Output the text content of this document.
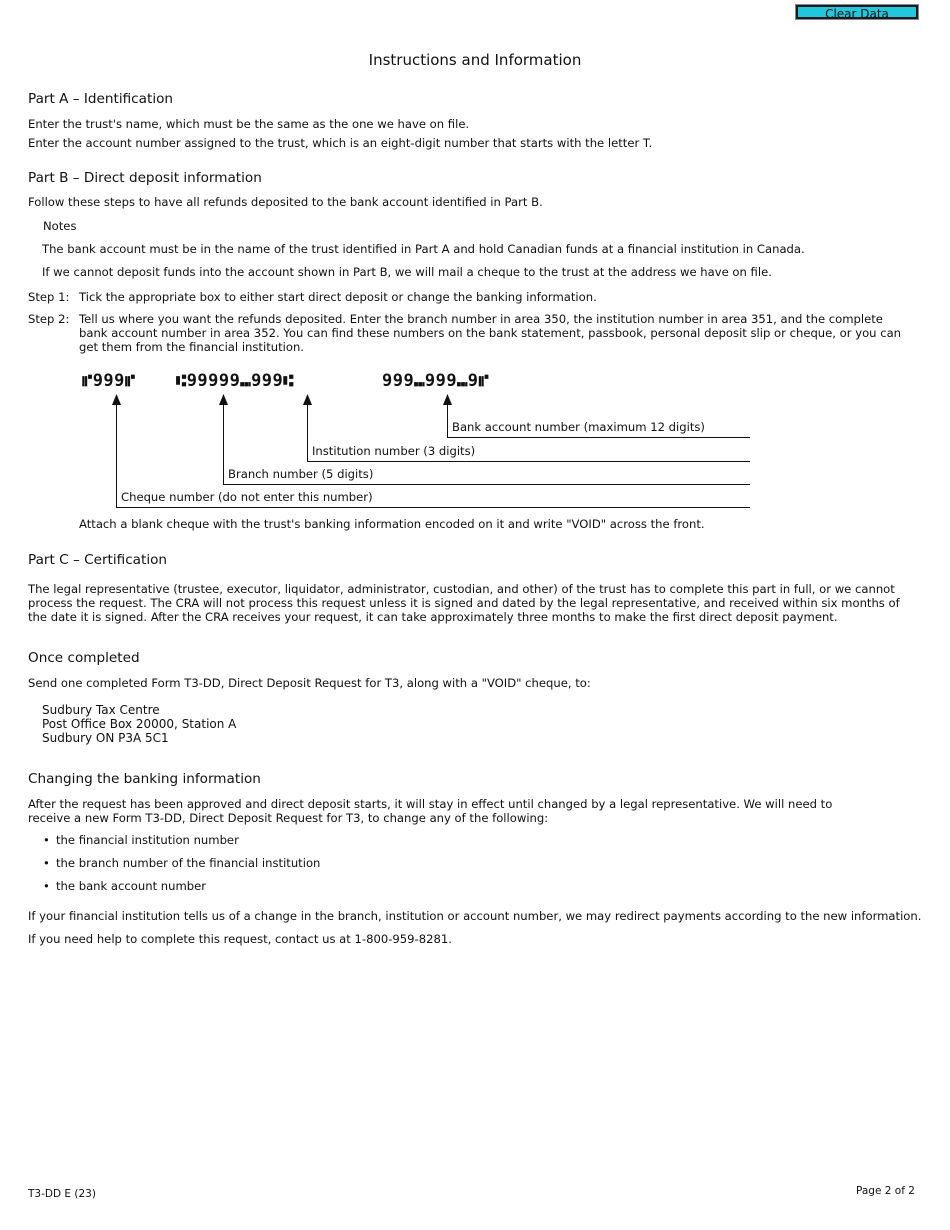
Clear Data
Instructions and Information
Part A – Identification
Enter the trust's name, which must be the same as the one we have on file.
Enter the account number assigned to the trust, which is an eight-digit number that starts with the letter T.
Part B – Direct deposit information
Follow these steps to have all refunds deposited to the bank account identified in Part B.
Notes
The bank account must be in the name of the trust identified in Part A and hold Canadian funds at a financial institution in Canada.
If we cannot deposit funds into the account shown in Part B, we will mail a cheque to the trust at the address we have on file.
Step 1: Tick the appropriate box to either start direct deposit or change the banking information.
Step 2: Tell us where you want the refunds deposited. Enter the branch number in area 350, the institution number in area 351, and the complete bank account number in area 352. You can find these numbers on the bank statement, passbook, personal deposit slip or cheque, or you can get them from the financial institution.
⑈999⑈ ⑆99999⑉999⑆	999⑉999⑉9⑈
Bank account number (maximum 12 digits)
Institution number (3 digits)
Branch number (5 digits)
Cheque number (do not enter this number)
Attach a blank cheque with the trust's banking information encoded on it and write "VOID" across the front.
Part C – Certification
The legal representative (trustee, executor, liquidator, administrator, custodian, and other) of the trust has to complete this part in full, or we cannot process the request. The CRA will not process this request unless it is signed and dated by the legal representative, and received within six months of the date it is signed. After the CRA receives your request, it can take approximately three months to make the first direct deposit payment.
Once completed
Send one completed Form T3-DD, Direct Deposit Request for T3, along with a "VOID" cheque, to:
Sudbury Tax Centre
Post Office Box 20000, Station A
Sudbury ON P3A 5C1
Changing the banking information
After the request has been approved and direct deposit starts, it will stay in effect until changed by a legal representative. We will need to receive a new Form T3-DD, Direct Deposit Request for T3, to change any of the following:
• the financial institution number
• the branch number of the financial institution
• the bank account number
If your financial institution tells us of a change in the branch, institution or account number, we may redirect payments according to the new information.
If you need help to complete this request, contact us at 1-800-959-8281.
T3-DD E (23)	Page 2 of 2
